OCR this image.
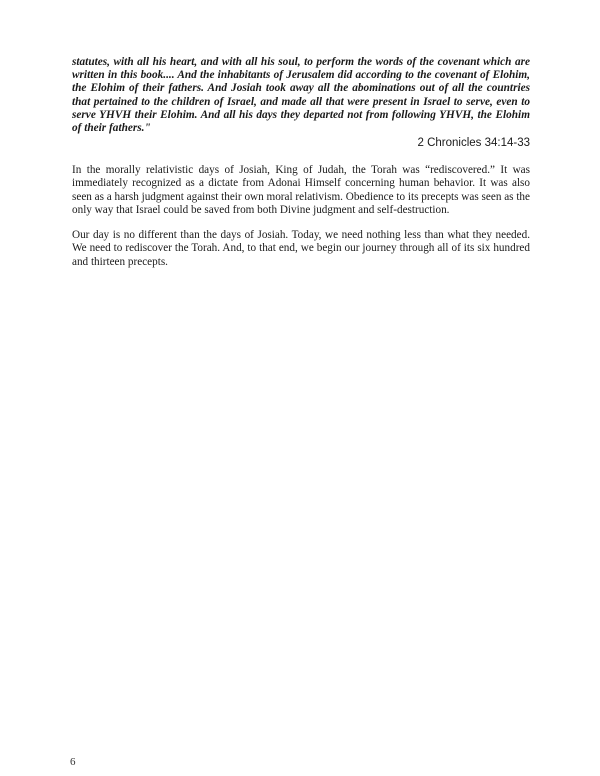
statutes, with all his heart, and with all his soul, to perform the words of the covenant which are written in this book.... And the inhabitants of Jerusalem did according to the covenant of Elohim, the Elohim of their fathers. And Josiah took away all the abominations out of all the countries that pertained to the children of Israel, and made all that were present in Israel to serve, even to serve YHVH their Elohim. And all his days they departed not from following YHVH, the Elohim of their fathers."

2 Chronicles 34:14-33

In the morally relativistic days of Josiah, King of Judah, the Torah was “rediscovered.” It was immediately recognized as a dictate from Adonai Himself concerning human behavior. It was also seen as a harsh judgment against their own moral relativism. Obedience to its precepts was seen as the only way that Israel could be saved from both Divine judgment and self-destruction.

Our day is no different than the days of Josiah. Today, we need nothing less than what they needed. We need to rediscover the Torah. And, to that end, we begin our journey through all of its six hundred and thirteen precepts.

6
